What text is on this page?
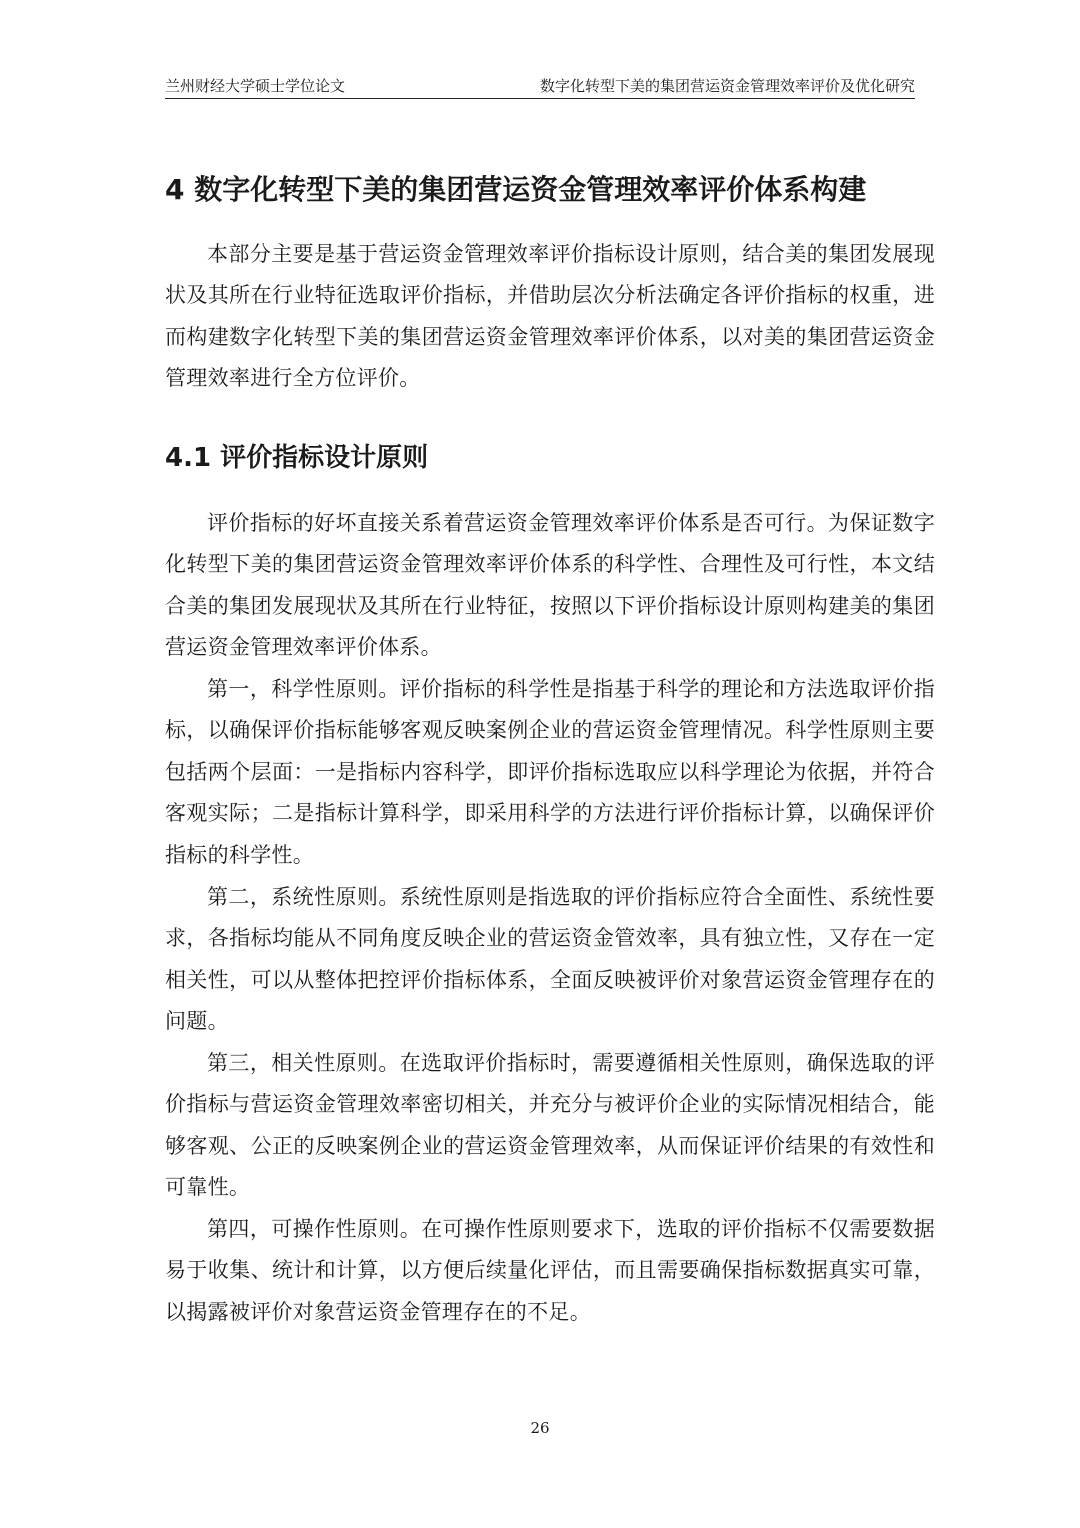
兰州财经大学硕士学位论文	数字化转型下美的集团营运资金管理效率评价及优化研究
4 数字化转型下美的集团营运资金管理效率评价体系构建

本部分主要是基于营运资金管理效率评价指标设计原则，结合美的集团发展现状及其所在行业特征选取评价指标，并借助层次分析法确定各评价指标的权重，进而构建数字化转型下美的集团营运资金管理效率评价体系，以对美的集团营运资金管理效率进行全方位评价。

4.1 评价指标设计原则

评价指标的好坏直接关系着营运资金管理效率评价体系是否可行。为保证数字化转型下美的集团营运资金管理效率评价体系的科学性、合理性及可行性，本文结合美的集团发展现状及其所在行业特征，按照以下评价指标设计原则构建美的集团营运资金管理效率评价体系。

第一，科学性原则。评价指标的科学性是指基于科学的理论和方法选取评价指标，以确保评价指标能够客观反映案例企业的营运资金管理情况。科学性原则主要包括两个层面：一是指标内容科学，即评价指标选取应以科学理论为依据，并符合客观实际；二是指标计算科学，即采用科学的方法进行评价指标计算，以确保评价指标的科学性。

第二，系统性原则。系统性原则是指选取的评价指标应符合全面性、系统性要求，各指标均能从不同角度反映企业的营运资金管效率，具有独立性，又存在一定相关性，可以从整体把控评价指标体系，全面反映被评价对象营运资金管理存在的问题。

第三，相关性原则。在选取评价指标时，需要遵循相关性原则，确保选取的评价指标与营运资金管理效率密切相关，并充分与被评价企业的实际情况相结合，能够客观、公正的反映案例企业的营运资金管理效率，从而保证评价结果的有效性和可靠性。

第四，可操作性原则。在可操作性原则要求下，选取的评价指标不仅需要数据易于收集、统计和计算，以方便后续量化评估，而且需要确保指标数据真实可靠，以揭露被评价对象营运资金管理存在的不足。

26
